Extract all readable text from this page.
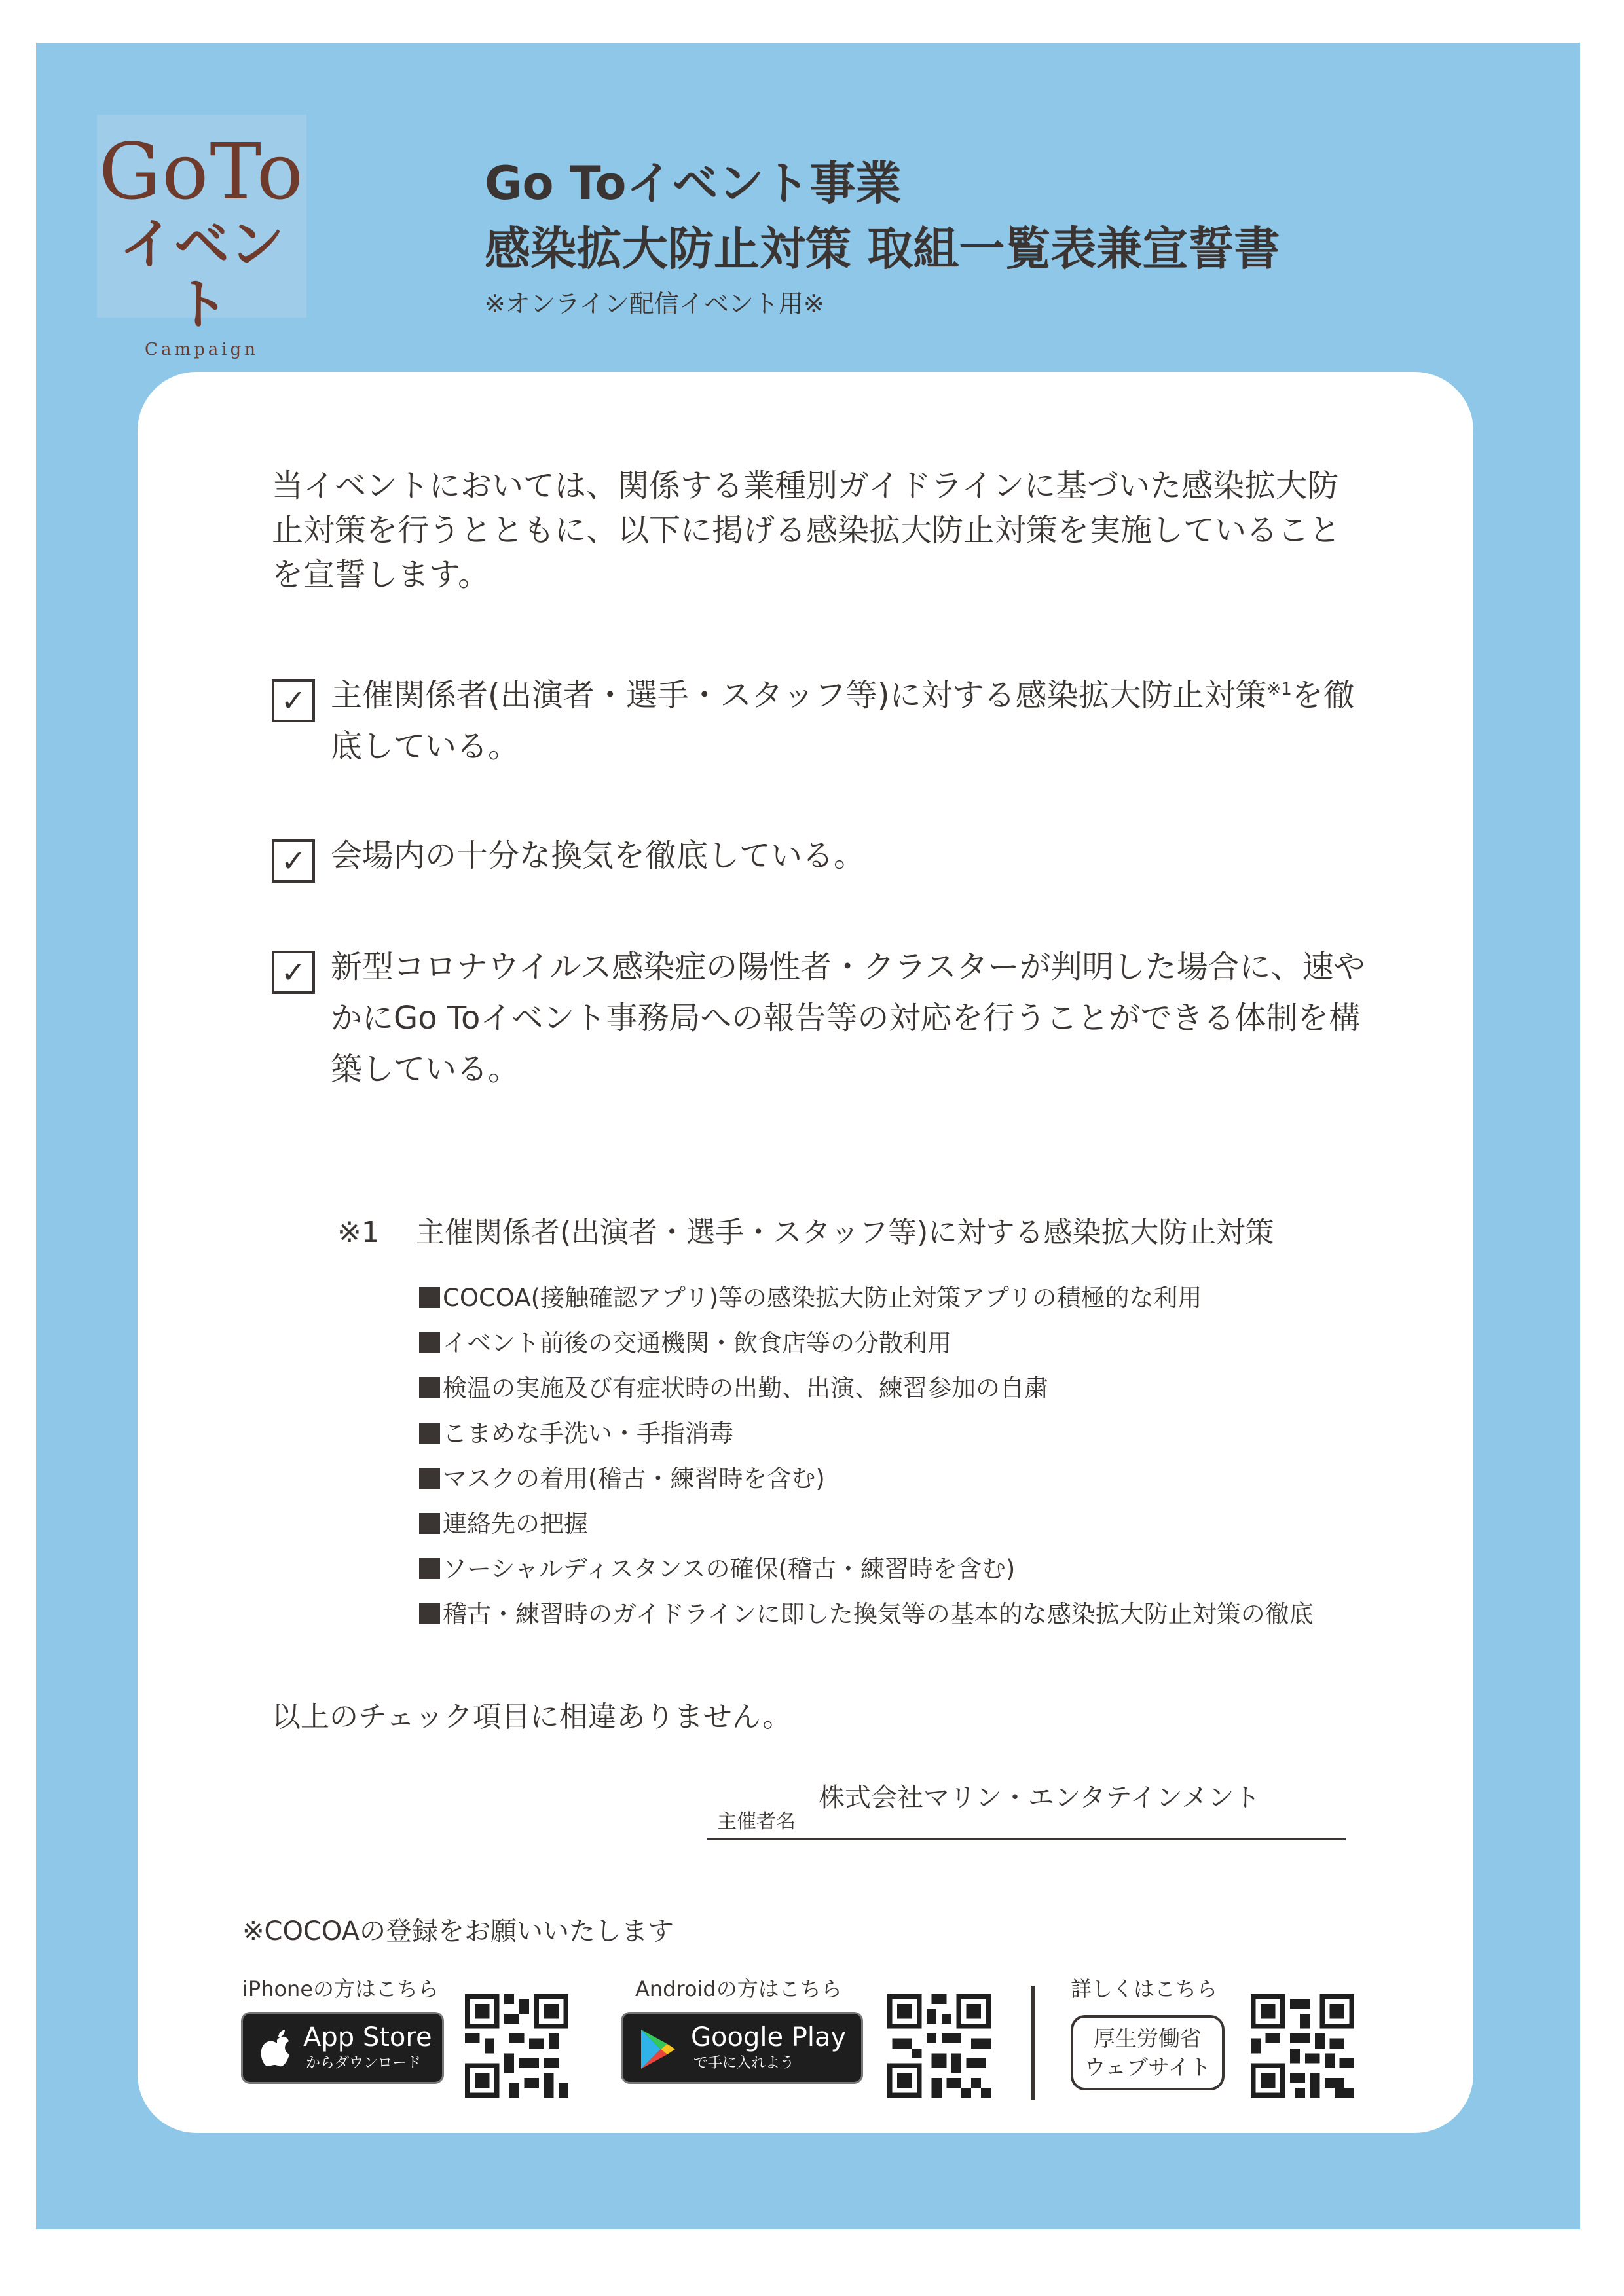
GoTo
イベント
Campaign
Go Toイベント事業
感染拡大防止対策 取組一覧表兼宣誓書
※オンライン配信イベント用※

当イベントにおいては、関係する業種別ガイドラインに基づいた感染拡大防止対策を行うとともに、以下に掲げる感染拡大防止対策を実施していることを宣誓します。

✓ 主催関係者(出演者・選手・スタッフ等)に対する感染拡大防止対策$^{※1}$を徹底している。
✓ 会場内の十分な換気を徹底している。
✓ 新型コロナウイルス感染症の陽性者・クラスターが判明した場合に、速やかにGo Toイベント事務局への報告等の対応を行うことができる体制を構築している。
※1 主催関係者(出演者・選手・スタッフ等)に対する感染拡大防止対策
COCOA(接触確認アプリ)等の感染拡大防止対策アプリの積極的な利用
イベント前後の交通機関・飲食店等の分散利用
検温の実施及び有症状時の出勤、出演、練習参加の自粛
こまめな手洗い・手指消毒
マスクの着用(稽古・練習時を含む)
連絡先の把握
ソーシャルディスタンスの確保(稽古・練習時を含む)
稽古・練習時のガイドラインに即した換気等の基本的な感染拡大防止対策の徹底

以上のチェック項目に相違ありません。

主催者名
株式会社マリン・エンタテインメント

※COCOAの登録をお願いいたします

iPhoneの方はこちら
App Store
からダウンロード
Androidの方はこちら
Google Play
で手に入れよう
詳しくはこちら
厚生労働省
ウェブサイト
